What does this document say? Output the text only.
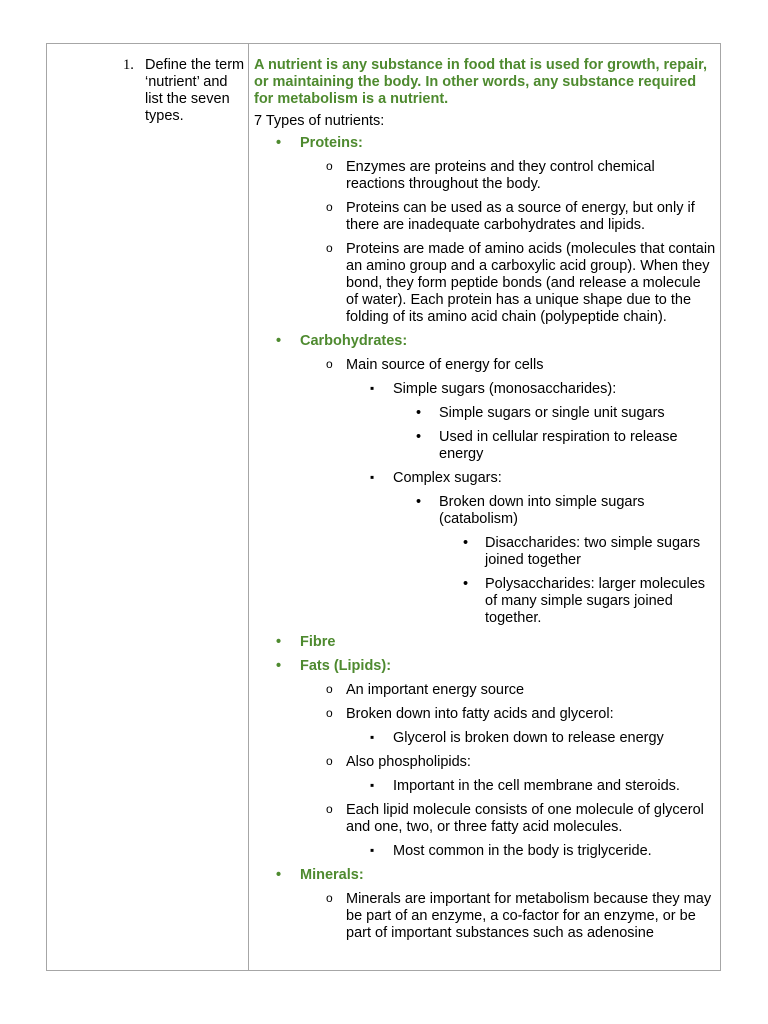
1. Define the term ‘nutrient’ and list the seven types.
A nutrient is any substance in food that is used for growth, repair, or maintaining the body. In other words, any substance required for metabolism is a nutrient.
7 Types of nutrients:
• Proteins:
o Enzymes are proteins and they control chemical reactions throughout the body.
o Proteins can be used as a source of energy, but only if there are inadequate carbohydrates and lipids.
o Proteins are made of amino acids (molecules that contain an amino group and a carboxylic acid group). When they bond, they form peptide bonds (and release a molecule of water). Each protein has a unique shape due to the folding of its amino acid chain (polypeptide chain).
• Carbohydrates:
o Main source of energy for cells
▪ Simple sugars (monosaccharides):
• Simple sugars or single unit sugars
• Used in cellular respiration to release energy
▪ Complex sugars:
• Broken down into simple sugars (catabolism)
• Disaccharides: two simple sugars joined together
• Polysaccharides: larger molecules of many simple sugars joined together.
• Fibre
• Fats (Lipids):
o An important energy source
o Broken down into fatty acids and glycerol:
▪ Glycerol is broken down to release energy
o Also phospholipids:
▪ Important in the cell membrane and steroids.
o Each lipid molecule consists of one molecule of glycerol and one, two, or three fatty acid molecules.
▪ Most common in the body is triglyceride.
• Minerals:
o Minerals are important for metabolism because they may be part of an enzyme, a co-factor for an enzyme, or be part of important substances such as adenosine
